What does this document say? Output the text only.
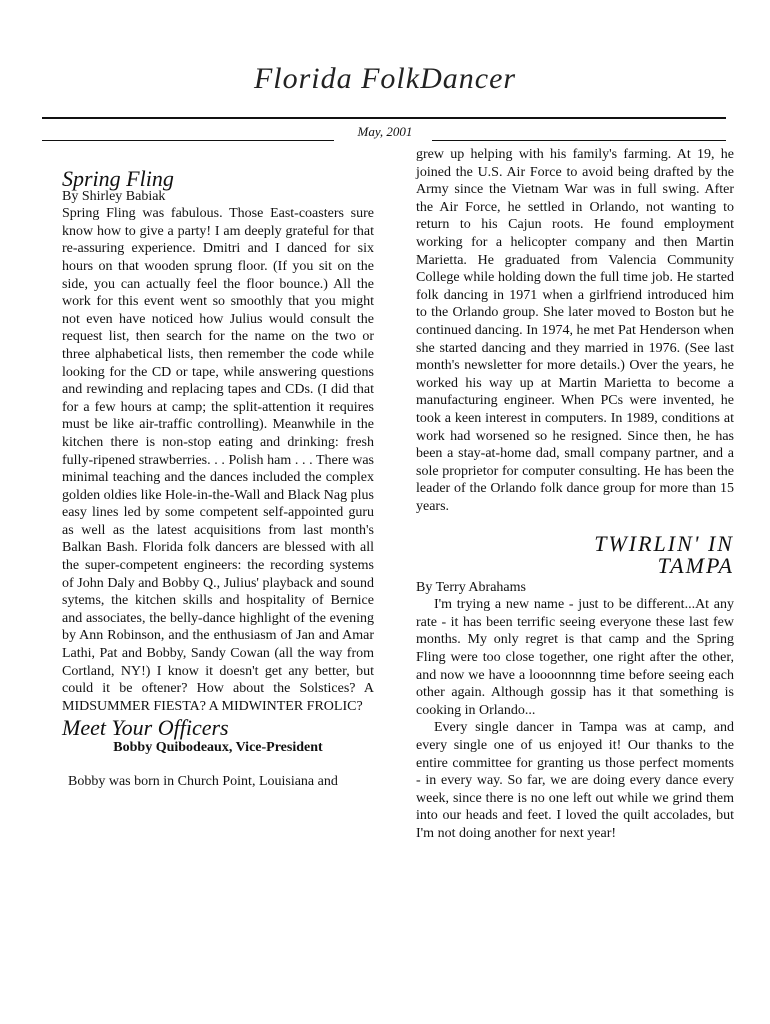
Florida FolkDancer
May, 2001

Spring Fling

By Shirley Babiak

Spring Fling was fabulous. Those East-coasters sure know how to give a party! I am deeply grateful for that re-assuring experience. Dmitri and I danced for six hours on that wooden sprung floor. (If you sit on the side, you can actually feel the floor bounce.) All the work for this event went so smoothly that you might not even have noticed how Julius would consult the request list, then search for the name on the two or three alphabetical lists, then remember the code while looking for the CD or tape, while answering questions and rewinding and replacing tapes and CDs. (I did that for a few hours at camp; the split-attention it requires must be like air-traffic controlling). Meanwhile in the kitchen there is non-stop eating and drinking: fresh fully-ripened strawberries. . . Polish ham . . . There was minimal teaching and the dances included the complex golden oldies like Hole-in-the-Wall and Black Nag plus easy lines led by some competent self-appointed guru as well as the latest acquisitions from last month's Balkan Bash. Florida folk dancers are blessed with all the super-competent engineers: the recording systems of John Daly and Bobby Q., Julius' playback and sound sytems, the kitchen skills and hospitality of Bernice and associates, the belly-dance highlight of the evening by Ann Robinson, and the enthusiasm of Jan and Amar Lathi, Pat and Bobby, Sandy Cowan (all the way from Cortland, NY!) I know it doesn't get any better, but could it be oftener? How about the Solstices? A MIDSUMMER FIESTA? A MIDWINTER FROLIC?

Meet Your Officers

Bobby Quibodeaux, Vice-President

Bobby was born in Church Point, Louisiana and

grew up helping with his family's farming. At 19, he joined the U.S. Air Force to avoid being drafted by the Army since the Vietnam War was in full swing. After the Air Force, he settled in Orlando, not wanting to return to his Cajun roots. He found employment working for a helicopter company and then Martin Marietta. He graduated from Valencia Community College while holding down the full time job. He started folk dancing in 1971 when a girlfriend introduced him to the Orlando group. She later moved to Boston but he continued dancing. In 1974, he met Pat Henderson when she started dancing and they married in 1976. (See last month's newsletter for more details.) Over the years, he worked his way up at Martin Marietta to become a manufacturing engineer. When PCs were invented, he took a keen interest in computers. In 1989, conditions at work had worsened so he resigned. Since then, he has been a stay-at-home dad, small company partner, and a sole proprietor for computer consulting. He has been the leader of the Orlando folk dance group for more than 15 years.

TWIRLIN' IN

TAMPA

By Terry Abrahams

I'm trying a new name - just to be different...At any rate - it has been terrific seeing everyone these last few months. My only regret is that camp and the Spring Fling were too close together, one right after the other, and now we have a loooonnnng time before seeing each other again. Although gossip has it that something is cooking in Orlando...

Every single dancer in Tampa was at camp, and every single one of us enjoyed it! Our thanks to the entire committee for granting us those perfect moments - in every way. So far, we are doing every dance every week, since there is no one left out while we grind them into our heads and feet. I loved the quilt accolades, but I'm not doing another for next year!
